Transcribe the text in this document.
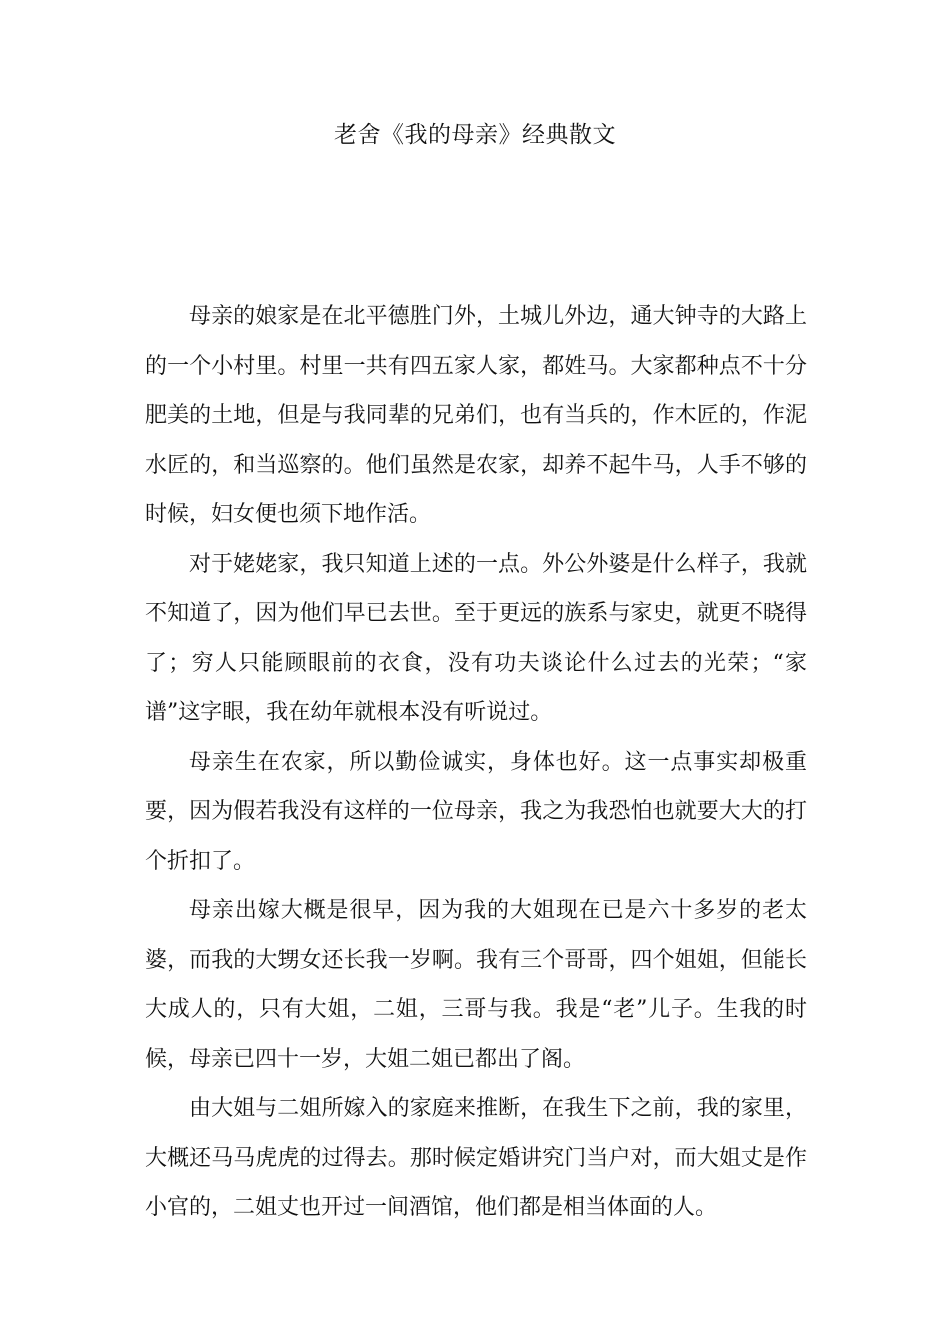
老舍《我的母亲》经典散文

母亲的娘家是在北平德胜门外，土城儿外边，通大钟寺的大路上的一个小村里。村里一共有四五家人家，都姓马。大家都种点不十分肥美的土地，但是与我同辈的兄弟们，也有当兵的，作木匠的，作泥水匠的，和当巡察的。他们虽然是农家，却养不起牛马，人手不够的时候，妇女便也须下地作活。

对于姥姥家，我只知道上述的一点。外公外婆是什么样子，我就不知道了，因为他们早已去世。至于更远的族系与家史，就更不晓得了；穷人只能顾眼前的衣食，没有功夫谈论什么过去的光荣；“家谱”这字眼，我在幼年就根本没有听说过。

母亲生在农家，所以勤俭诚实，身体也好。这一点事实却极重要，因为假若我没有这样的一位母亲，我之为我恐怕也就要大大的打个折扣了。

母亲出嫁大概是很早，因为我的大姐现在已是六十多岁的老太婆，而我的大甥女还长我一岁啊。我有三个哥哥，四个姐姐，但能长大成人的，只有大姐，二姐，三哥与我。我是“老”儿子。生我的时候，母亲已四十一岁，大姐二姐已都出了阁。

由大姐与二姐所嫁入的家庭来推断，在我生下之前，我的家里，大概还马马虎虎的过得去。那时候定婚讲究门当户对，而大姐丈是作小官的，二姐丈也开过一间酒馆，他们都是相当体面的人。
